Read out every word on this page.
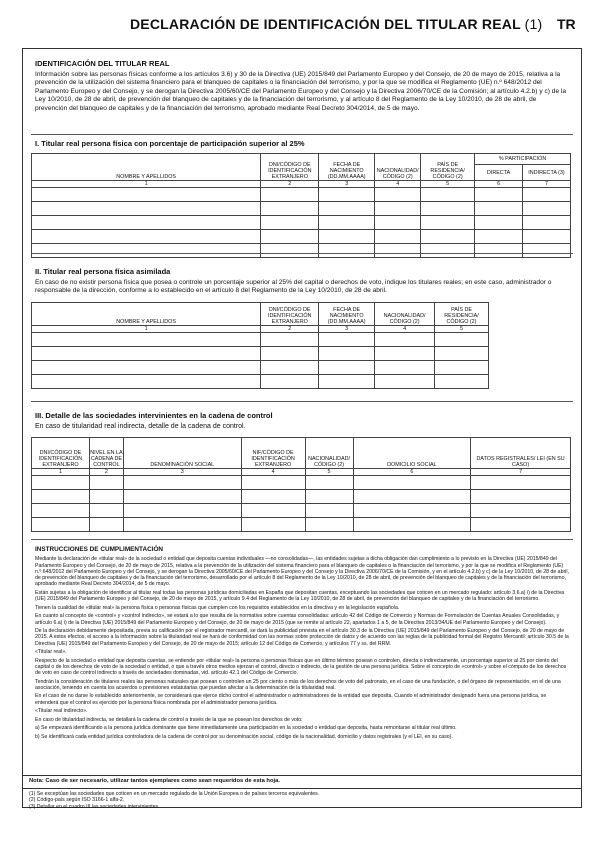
DECLARACIÓN DE IDENTIFICACIÓN DEL TITULAR REAL (1) TR
IDENTIFICACIÓN DEL TITULAR REAL
Información sobre las personas físicas conforme a los artículos 3.6) y 30 de la Directiva (UE) 2015/849 del Parlamento Europeo y del Consejo, de 20 de mayo de 2015, relativa a la prevención de la utilización del sistema financiero para el blanqueo de capitales o la financiación del terrorismo, y por la que se modifica el Reglamento (UE) n.º 648/2012 del Parlamento Europeo y del Consejo, y se derogan la Directiva 2005/60/CE del Parlamento Europeo y del Consejo y la Directiva 2006/70/CE de la Comisión; al artículo 4.2.b) y c) de la Ley 10/2010, de 28 de abril, de prevención del blanqueo de capitales y de la financiación del terrorismo, y al artículo 8 del Reglamento de la Ley 10/2010, de 28 de abril, de prevención del blanqueo de capitales y de la financiación del terrorismo, aprobado mediante Real Decreto 304/2014, de 5 de mayo.
I. Titular real persona física con porcentaje de participación superior al 25%
NOMBRE Y APELLIDOS	DNI/CÓDIGO DE IDENTIFICACIÓN EXTRANJERO	FECHA DE NACIMIENTO (DD.MM.AAAA)	NACIONALIDAD/ CÓDIGO (2)	PAÍS DE RESIDENCIA/ CÓDIGO (2)	% PARTICIPACIÓN	
					DIRECTA	INDIRECTA (3)
1	2	3	4	5	6	7

II. Titular real persona física asimilada
En caso de no existir persona física que posea o controle un porcentaje superior al 25% del capital o derechos de voto, indique los titulares reales; en este caso, administrador o responsable de la dirección, conforme a lo establecido en el artículo 8 del Reglamento de la Ley 10/2010, de 28 de abril.
NOMBRE Y APELLIDOS	DNI/CÓDIGO DE IDENTIFICACIÓN EXTRANJERO	FECHA DE NACIMIENTO (DD.MM.AAAA)	NACIONALIDAD/ CÓDIGO (2)	PAÍS DE RESIDENCIA/ CÓDIGO (2)
1	2	3	4	5

III. Detalle de las sociedades intervinientes en la cadena de control
En caso de titularidad real indirecta, detalle de la cadena de control.
DNI/CÓDIGO DE IDENTIFICACIÓN EXTRANJERO	NIVEL EN LA CADENA DE CONTROL	DENOMINACIÓN SOCIAL	NIF/CÓDIGO DE IDENTIFICACIÓN EXTRANJERO	NACIONALIDAD/ CÓDIGO (2)	DOMICILIO SOCIAL	DATOS REGISTRALES/ LEI (EN SU CASO)
1	2	3	4	5	6	7

INSTRUCCIONES DE CUMPLIMENTACIÓN

Mediante la declaración de «titular real» de la sociedad o entidad que deposita cuentas individuales —no consolidadas—, las entidades sujetas a dicha obligación dan cumplimiento a lo previsto en la Directiva (UE) 2015/849 del Parlamento Europeo y del Consejo, de 20 de mayo de 2015, relativa a la prevención de la utilización del sistema financiero para el blanqueo de capitales o la financiación del terrorismo, y por la que se modifica el Reglamento (UE) n.º 648/2012 del Parlamento Europeo y del Consejo, y se derogan la Directiva 2005/60/CE del Parlamento Europeo y del Consejo y la Directiva 2006/70/CE de la Comisión, y en el artículo 4.2.b) y c) de la Ley 10/2010, de 28 de abril, de prevención del blanqueo de capitales y de la financiación del terrorismo, desarrollado por el artículo 8 del Reglamento de la Ley 10/2010, de 28 de abril, de prevención del blanqueo de capitales y de la financiación del terrorismo, aprobado mediante Real Decreto 304/2014, de 5 de mayo.

Están sujetas a la obligación de identificar al titular real todas las personas jurídicas domiciliadas en España que depositan cuentas, exceptuando las sociedades que coticen en un mercado regulado: artículo 3.6.a) i) de la Directiva (UE) 2015/849 del Parlamento Europeo y del Consejo, de 20 de mayo de 2015, y artículo 9.4 del Reglamento de la Ley 10/2010, de 28 de abril, de prevención del blanqueo de capitales y de la financiación del terrorismo.

Tienen la cualidad de «titular real» la persona física o personas físicas que cumplen con los requisitos establecidos en la directiva y en la legislación española.

En cuanto al concepto de «control» y «control indirecto», se estará a lo que resulta de la normativa sobre cuentas consolidadas: artículo 42 del Código de Comercio y Normas de Formulación de Cuentas Anuales Consolidadas, y artículo 6.a) i) de la Directiva (UE) 2015/849 del Parlamento Europeo y del Consejo, de 20 de mayo de 2015 (que se remite al artículo 22, apartados 1 a 5, de la Directiva 2013/34/UE del Parlamento Europeo y del Consejo).

De la declaración debidamente depositada, previa su calificación por el registrador mercantil, se dará la publicidad prevista en el artículo 30.3 de la Directiva (UE) 2015/849 del Parlamento Europeo y del Consejo, de 20 de mayo de 2015. A estos efectos, el acceso a la información sobre la titularidad real se hará de conformidad con las normas sobre protección de datos y de acuerdo con las reglas de la publicidad formal del Registro Mercantil: artículo 30.5 de la Directiva (UE) 2015/849 del Parlamento Europeo y del Consejo, de 20 de mayo de 2015; artículo 12 del Código de Comercio, y artículos 77 y ss. del RRM.

«Titular real».

Respecto de la sociedad o entidad que deposita cuentas, se entiende por «titular real» la persona o personas físicas que en último término posean o controlen, directa o indirectamente, un porcentaje superior al 25 por ciento del capital o de los derechos de voto de la sociedad o entidad, o que a través otros medios ejerzan el control, directo o indirecto, de la gestión de una persona jurídica. Sobre el concepto de «control» y sobre el cómputo de los derechos de voto en caso de control indirecto a través de sociedades dominadas, vid. artículo 42.1 del Código de Comercio.

Tendrán la consideración de titulares reales las personas naturales que posean o controlen un 25 por ciento o más de los derechos de voto del patronato, en el caso de una fundación, o del órgano de representación, en el de una asociación, teniendo en cuenta los acuerdos o previsiones estatutarias que puedan afectar a la determinación de la titularidad real.

En el caso de no darse lo establecido anteriormente, se considerará que ejerce dicho control el administrador o administradores de la entidad que deposita. Cuando el administrador designado fuera una persona jurídica, se entenderá que el control es ejercido por la persona física nombrada por el administrador persona jurídica.

«Titular real indirecto».

En caso de titularidad indirecta, se detallará la cadena de control a través de la que se posean los derechos de voto:

a) Se empezará identificando a la persona jurídica dominante que tiene inmediatamente una participación en la sociedad o entidad que deposita, hasta remontarse al titular real último.

b) Se identificará cada entidad jurídica controladora de la cadena de control por su denominación social, código de la nacionalidad, domicilio y datos registrales (y el LEI, en su caso).

Nota: Caso de ser necesario, utilizar tantos ejemplares como sean requeridos de esta hoja.
(1) Se exceptúan las sociedades que coticen en un mercado regulado de la Unión Europea o de países terceros equivalentes.
(2) Código-país según ISO 3166-1 alfa-2.
(3) Detallar en el cuadro III las sociedades intervinientes.
